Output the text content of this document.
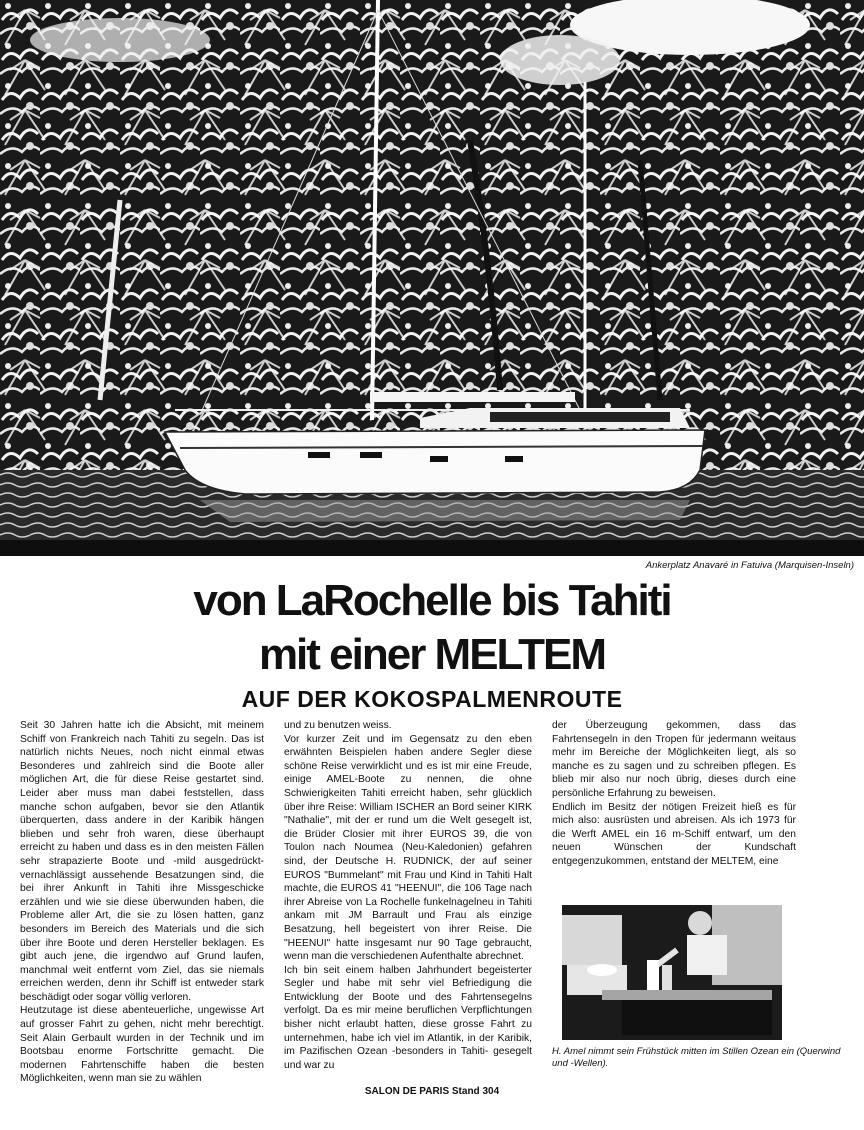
Ankerplatz Anavaré in Fatuiva (Marquisen-Inseln)
von LaRochelle bis Tahiti
mit einer MELTEM
AUF DER KOKOSPALMENROUTE

Seit 30 Jahren hatte ich die Absicht, mit meinem Schiff von Frankreich nach Tahiti zu segeln. Das ist natürlich nichts Neues, noch nicht einmal etwas Besonderes und zahlreich sind die Boote aller möglichen Art, die für diese Reise gestartet sind. Leider aber muss man dabei feststellen, dass manche schon aufgaben, bevor sie den Atlantik überquerten, dass andere in der Karibik hängen blieben und sehr froh waren, diese überhaupt erreicht zu haben und dass es in den meisten Fällen sehr strapazierte Boote und -mild ausgedrückt- vernachlässigt aussehende Besatzungen sind, die bei ihrer Ankunft in Tahiti ihre Missgeschicke erzählen und wie sie diese überwunden haben, die Probleme aller Art, die sie zu lösen hatten, ganz besonders im Bereich des Materials und die sich über ihre Boote und deren Hersteller beklagen. Es gibt auch jene, die irgendwo auf Grund laufen, manchmal weit entfernt vom Ziel, das sie niemals erreichen werden, denn ihr Schiff ist entweder stark beschädigt oder sogar völlig verloren.

Heutzutage ist diese abenteuerliche, ungewisse Art auf grosser Fahrt zu gehen, nicht mehr berechtigt. Seit Alain Gerbault wurden in der Technik und im Bootsbau enorme Fortschritte gemacht. Die modernen Fahrtenschiffe haben die besten Möglichkeiten, wenn man sie zu wählen

und zu benutzen weiss.

Vor kurzer Zeit und im Gegensatz zu den eben erwähnten Beispielen haben andere Segler diese schöne Reise verwirklicht und es ist mir eine Freude, einige AMEL-Boote zu nennen, die ohne Schwierigkeiten Tahiti erreicht haben, sehr glücklich über ihre Reise: William ISCHER an Bord seiner KIRK "Nathalie", mit der er rund um die Welt gesegelt ist, die Brüder Closier mit ihrer EUROS 39, die von Toulon nach Noumea (Neu-Kaledonien) gefahren sind, der Deutsche H. RUDNICK, der auf seiner EUROS "Bummelant" mit Frau und Kind in Tahiti Halt machte, die EUROS 41 "HEENUI", die 106 Tage nach ihrer Abreise von La Rochelle funkelnagelneu in Tahiti ankam mit JM Barrault und Frau als einzige Besatzung, hell begeistert von ihrer Reise. Die "HEENUI" hatte insgesamt nur 90 Tage gebraucht, wenn man die verschiedenen Aufenthalte abrechnet.

Ich bin seit einem halben Jahrhundert begeisterter Segler und habe mit sehr viel Befriedigung die Entwicklung der Boote und des Fahrtensegelns verfolgt. Da es mir meine beruflichen Verpflichtungen bisher nicht erlaubt hatten, diese grosse Fahrt zu unternehmen, habe ich viel im Atlantik, in der Karibik, im Pazifischen Ozean -besonders in Tahiti- gesegelt und war zu

der Überzeugung gekommen, dass das Fahrtensegeln in den Tropen für jedermann weitaus mehr im Bereiche der Möglichkeiten liegt, als so manche es zu sagen und zu schreiben pflegen. Es blieb mir also nur noch übrig, dieses durch eine persönliche Erfahrung zu beweisen.

Endlich im Besitz der nötigen Freizeit hieß es für mich also: ausrüsten und abreisen. Als ich 1973 für die Werft AMEL ein 16 m-Schiff entwarf, um den neuen Wünschen der Kundschaft entgegenzukommen, entstand der MELTEM, eine

H. Amel nimmt sein Frühstück mitten im Stillen Ozean ein (Querwind und -Wellen).
SALON DE PARIS Stand 304
